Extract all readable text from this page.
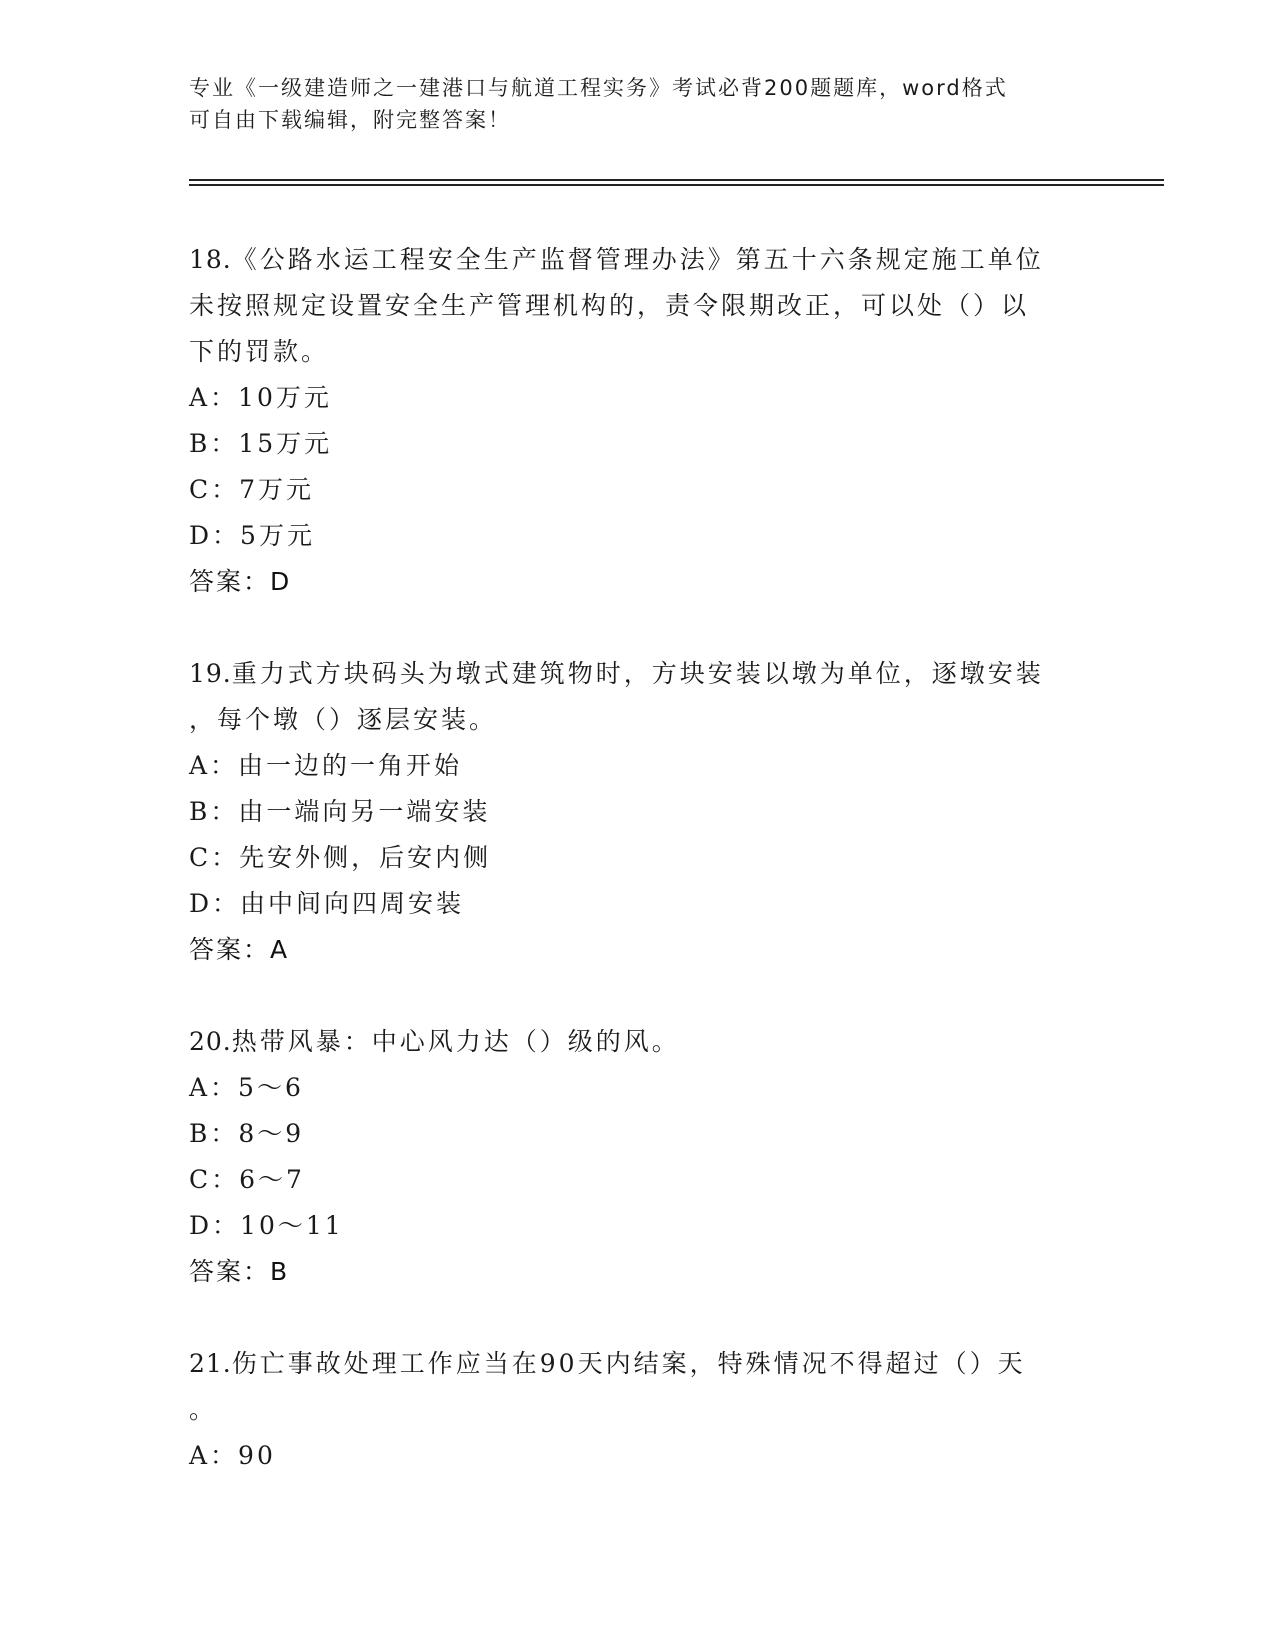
专业《一级建造师之一建港口与航道工程实务》考试必背200题题库，word格式
可自由下载编辑，附完整答案！

18.《公路水运工程安全生产监督管理办法》第五十六条规定施工单位

未按照规定设置安全生产管理机构的，责令限期改正，可以处（）以

下的罚款。

A：10万元

B：15万元

C：7万元

D：5万元

答案：D

19.重力式方块码头为墩式建筑物时，方块安装以墩为单位，逐墩安装

，每个墩（）逐层安装。

A：由一边的一角开始

B：由一端向另一端安装

C：先安外侧，后安内侧

D：由中间向四周安装

答案：A

20.热带风暴：中心风力达（）级的风。

A：5～6

B：8～9

C：6～7

D：10～11

答案：B

21.伤亡事故处理工作应当在90天内结案，特殊情况不得超过（）天

。

A：90
